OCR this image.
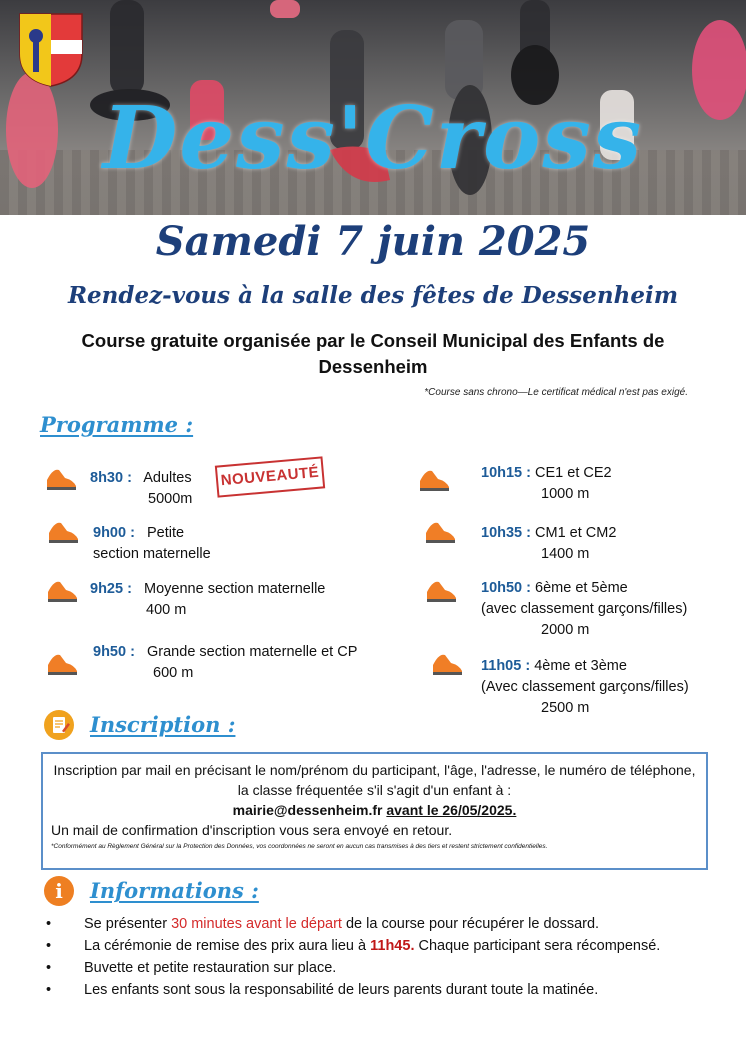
Dess'Cross
Samedi 7 juin 2025
Rendez-vous à la salle des fêtes de Dessenheim
Course gratuite organisée par le Conseil Municipal des Enfants de Dessenheim
*Course sans chrono—Le certificat médical n'est pas exigé.
Programme :
NOUVEAUTÉ
8h30 : Adultes
5000m
9h00 : Petite
section maternelle
9h25 : Moyenne section maternelle
400 m
9h50 : Grande section maternelle et CP
600 m
10h15 : CE1 et CE2
1000 m
10h35 : CM1 et CM2
1400 m
10h50 : 6ème et 5ème
(avec classement garçons/filles)
2000 m
11h05 : 4ème et 3ème
(Avec classement garçons/filles)
2500 m
Inscription :
Inscription par mail en précisant le nom/prénom du participant, l'âge, l'adresse, le numéro de téléphone, la classe fréquentée s'il s'agit d'un enfant à :
mairie@dessenheim.fr avant le 26/05/2025.
Un mail de confirmation d'inscription vous sera envoyé en retour.
*Conformément au Règlement Général sur la Protection des Données, vos coordonnées ne seront en aucun cas transmises à des tiers et restent strictement confidentielles.
i	Informations :
• Se présenter 30 minutes avant le départ de la course pour récupérer le dossard.
• La cérémonie de remise des prix aura lieu à 11h45. Chaque participant sera récompensé.
• Buvette et petite restauration sur place.
• Les enfants sont sous la responsabilité de leurs parents durant toute la matinée.
